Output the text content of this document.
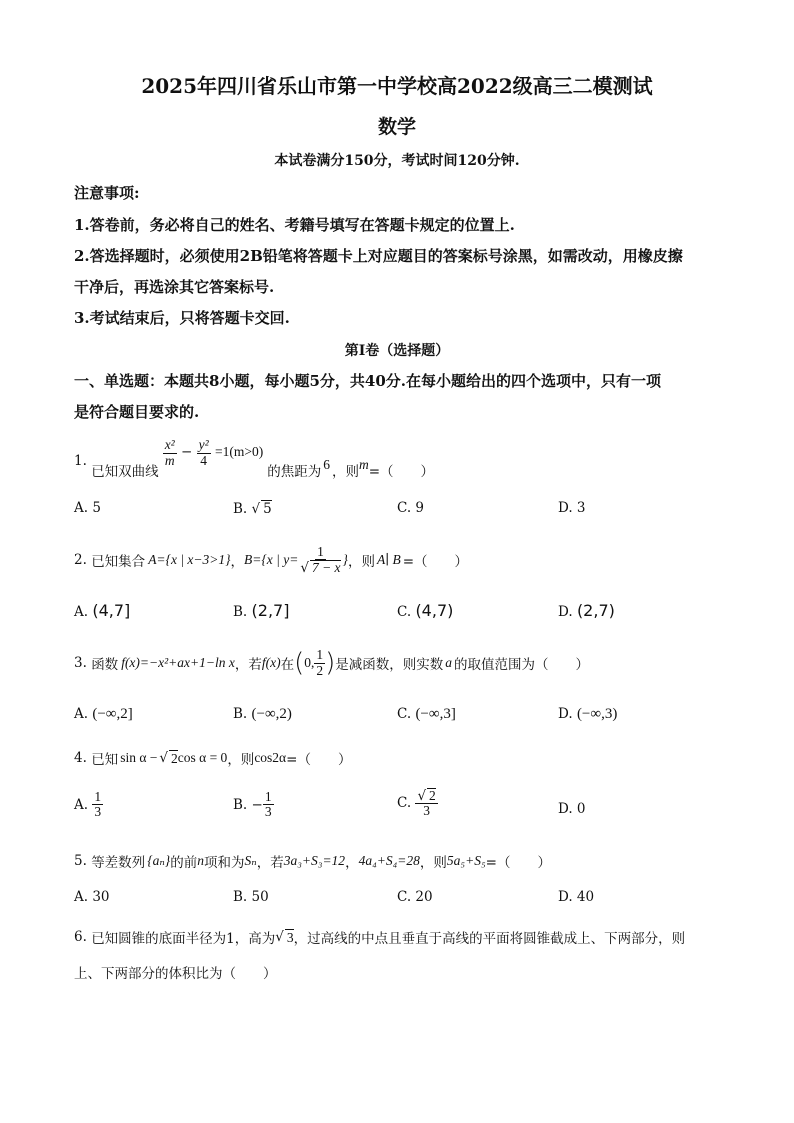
2025年四川省乐山市第一中学校高2022级高三二模测试
数学
本试卷满分150分，考试时间120分钟.
注意事项:
1.答卷前，务必将自己的姓名、考籍号填写在答题卡规定的位置上.
2.答选择题时，必须使用2B铅笔将答题卡上对应题目的答案标号涂黑，如需改动，用橡皮擦
干净后，再选涂其它答案标号.
3.考试结束后，只将答题卡交回.
第I卷（选择题）
一、单选题：本题共8小题，每小题5分，共40分.在每小题给出的四个选项中，只有一项
是符合题目要求的.
1.

已知双曲线
$\frac{\text{x²}}{m} - \frac{\text{y²}}{4} =1(m>0)$
的焦距为 6 ，则 m =（　　）
A. 5	B. √ 5	C. 9	D. 3
2.
已知集合 A={x | x−3>1} ， B={x | $y= \frac{1}{√ 7 - x}$ } ，则 A∣ B =（　　）
A. (4,7]	B. (2,7]	C. (4,7)	D. (2,7)
3.
函数 f(x)=−x²+ax+1−ln x ，若 f(x) 在 ( 0, $\frac{1}{2}$ ) 是减函数，则实数 a 的取值范围为（　　）
A. (−∞,2]	B. (−∞,2)	C. (−∞,3]	D. (−∞,3)
4.
已知 sin α − √ 2 cos α = 0 ，则 cos2α =（　　）
A.
$\frac{1}{3}$	B.
− $\frac{1}{3}$	C.
$\frac{√ 2}{3}$	D. 0
5.
等差数列 {aₙ} 的前 n 项和为 Sₙ ，若 3a₃+S₃=12 ， 4a₄+S₄=28 ，则 5a₅+S₅ =（　　）
A. 30	B. 50	C. 20	D. 40
6.
已知圆锥的底面半径为1，高为 √ 3 ，过高线的中点且垂直于高线的平面将圆锥截成上、下两部分，则
上、下两部分的体积比为（　　）
